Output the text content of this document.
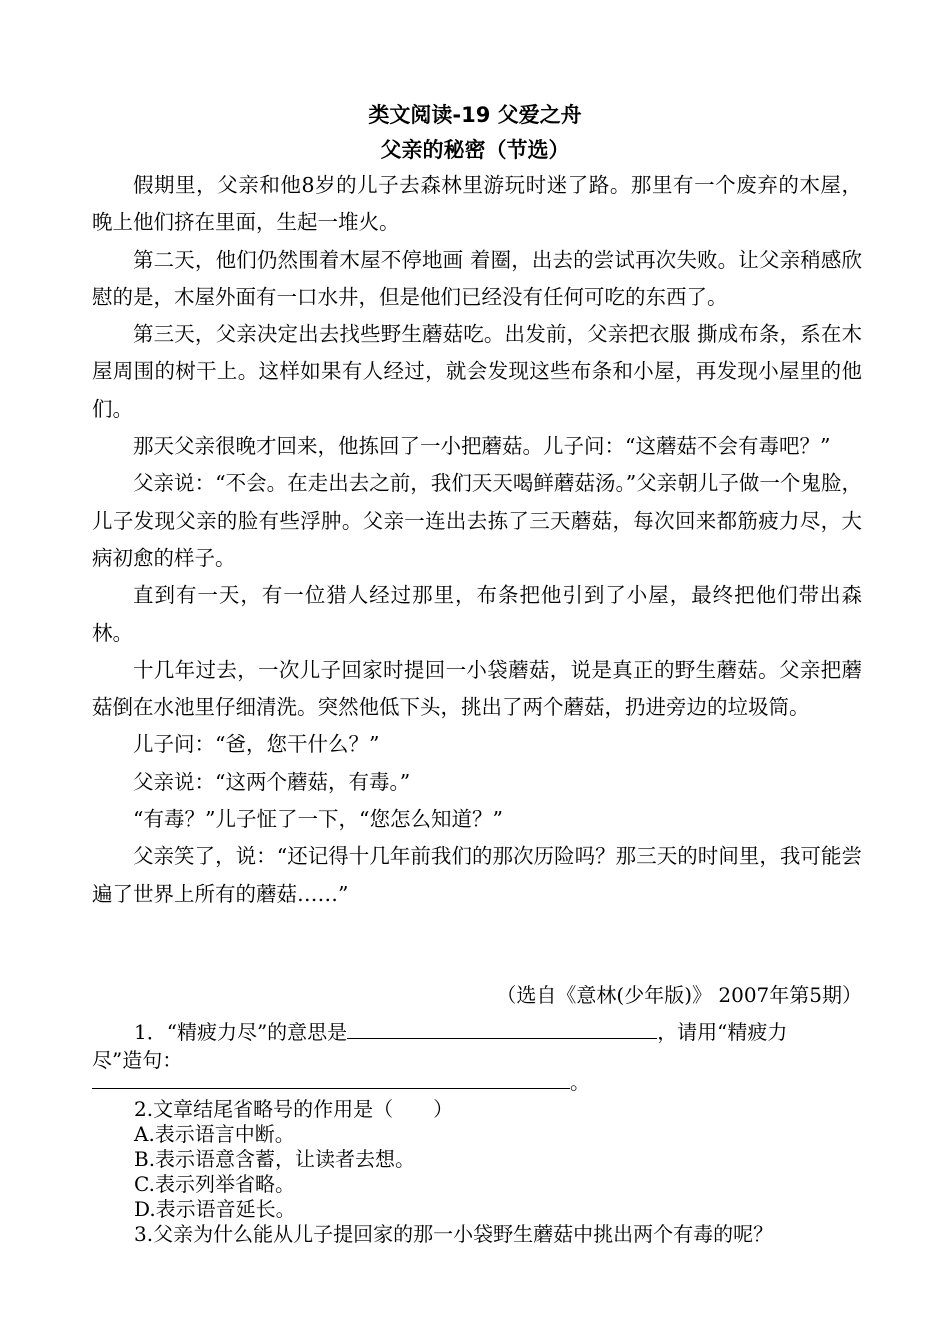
类文阅读-19 父爱之舟
父亲的秘密（节选）

假期里，父亲和他8岁的儿子去森林里游玩时迷了路。那里有一个废弃的木屋，晚上他们挤在里面，生起一堆火。

第二天，他们仍然围着木屋不停地画 着圈，出去的尝试再次失败。让父亲稍感欣慰的是，木屋外面有一口水井，但是他们已经没有任何可吃的东西了。

第三天，父亲决定出去找些野生蘑菇吃。出发前，父亲把衣服 撕成布条，系在木屋周围的树干上。这样如果有人经过，就会发现这些布条和小屋，再发现小屋里的他们。

那天父亲很晚才回来，他拣回了一小把蘑菇。儿子问：“这蘑菇不会有毒吧？”

父亲说：“不会。在走出去之前，我们天天喝鲜蘑菇汤。”父亲朝儿子做一个鬼脸，儿子发现父亲的脸有些浮肿。父亲一连出去拣了三天蘑菇，每次回来都筋疲力尽，大病初愈的样子。

直到有一天，有一位猎人经过那里，布条把他引到了小屋，最终把他们带出森林。

十几年过去，一次儿子回家时提回一小袋蘑菇，说是真正的野生蘑菇。父亲把蘑菇倒在水池里仔细清洗。突然他低下头，挑出了两个蘑菇，扔进旁边的垃圾筒。

儿子问：“爸，您干什么？”

父亲说：“这两个蘑菇，有毒。”

“有毒？”儿子怔了一下，“您怎么知道？”

父亲笑了，说：“还记得十几年前我们的那次历险吗？那三天的时间里，我可能尝遍了世界上所有的蘑菇……”

（选自《意林(少年版)》 2007年第5期）
1．“精疲力尽”的意思是	，请用“精疲力
尽”造句：
。
2.文章结尾省略号的作用是（　　）
A.表示语言中断。
B.表示语意含蓄，让读者去想。
C.表示列举省略。
D.表示语音延长。
3.父亲为什么能从儿子提回家的那一小袋野生蘑菇中挑出两个有毒的呢？
